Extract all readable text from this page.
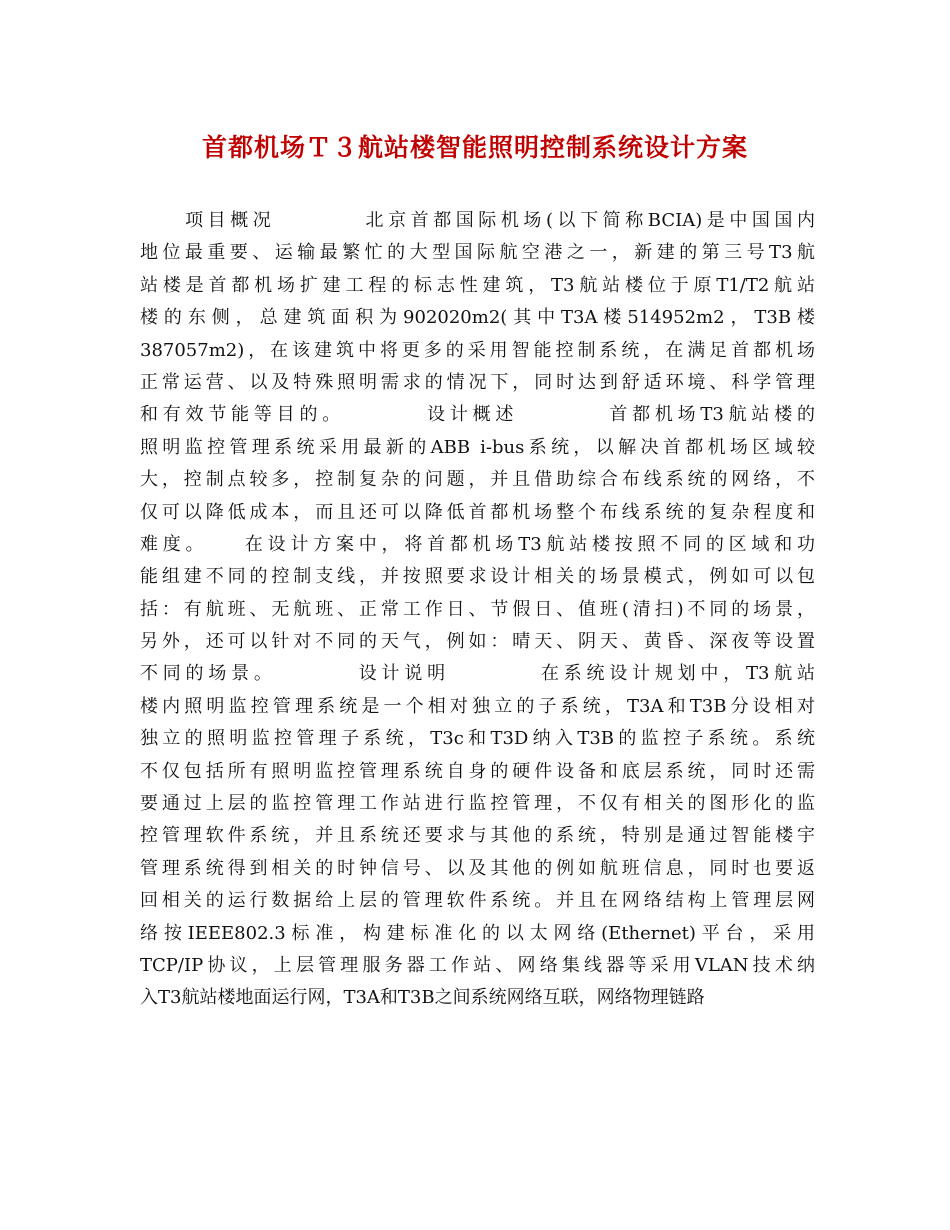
首都机场Ｔ３航站楼智能照明控制系统设计方案
　　项目概况　　　　北京首都国际机场(以下简称BCIA)是中国国内
地位最重要、运输最繁忙的大型国际航空港之一，新建的第三号T3航
站楼是首都机场扩建工程的标志性建筑，T3航站楼位于原T1/T2航站
楼的东侧，总建筑面积为902020m2(其中T3A楼514952m2，T3B楼
387057m2)，在该建筑中将更多的采用智能控制系统，在满足首都机场
正常运营、以及特殊照明需求的情况下，同时达到舒适环境、科学管理
和有效节能等目的。　　　　设计概述　　　　首都机场T3航站楼的
照明监控管理系统采用最新的ABB i-bus系统，以解决首都机场区域较
大，控制点较多，控制复杂的问题，并且借助综合布线系统的网络，不
仅可以降低成本，而且还可以降低首都机场整个布线系统的复杂程度和
难度。　　在设计方案中，将首都机场T3航站楼按照不同的区域和功
能组建不同的控制支线，并按照要求设计相关的场景模式，例如可以包
括：有航班、无航班、正常工作日、节假日、值班(清扫)不同的场景，
另外，还可以针对不同的天气，例如：晴天、阴天、黄昏、深夜等设置
不同的场景。　　　　设计说明　　　　在系统设计规划中，T3航站
楼内照明监控管理系统是一个相对独立的子系统，T3A和T3B分设相对
独立的照明监控管理子系统，T3c和T3D纳入T3B的监控子系统。系统
不仅包括所有照明监控管理系统自身的硬件设备和底层系统，同时还需
要通过上层的监控管理工作站进行监控管理，不仅有相关的图形化的监
控管理软件系统，并且系统还要求与其他的系统，特别是通过智能楼宇
管理系统得到相关的时钟信号、以及其他的例如航班信息，同时也要返
回相关的运行数据给上层的管理软件系统。并且在网络结构上管理层网
络按IEEE802.3标准，构建标准化的以太网络(Ethernet)平台，采用
TCP/IP协议，上层管理服务器工作站、网络集线器等采用VLAN技术纳
入T3航站楼地面运行网，T3A和T3B之间系统网络互联，网络物理链路
